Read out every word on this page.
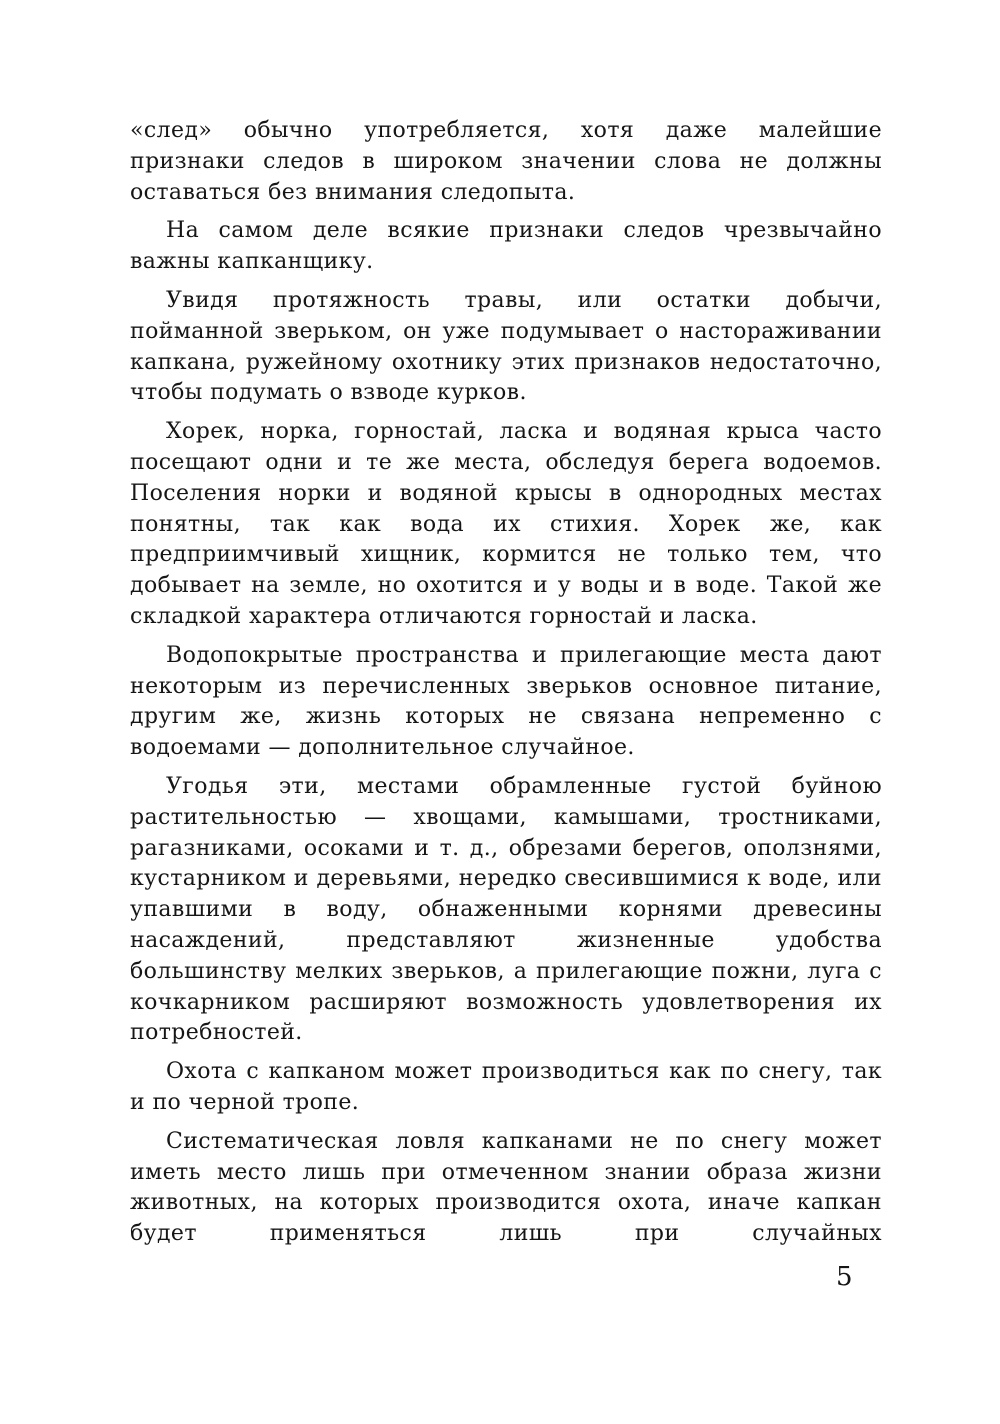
«след» обычно употребляется, хотя даже малейшие признаки следов в широком значении слова не должны оставаться без внимания следопыта.

На самом деле всякие признаки следов чрезвычайно важны капканщику.

Увидя протяжность травы, или остатки добычи, пойманной зверьком, он уже подумывает о настораживании капкана, ружейному охотнику этих признаков недостаточно, чтобы подумать о взводе курков.

Хорек, норка, горностай, ласка и водяная крыса часто посещают одни и те же места, обследуя берега водоемов. Поселения норки и водяной крысы в однородных местах понятны, так как вода их стихия. Хорек же, как предприимчивый хищник, кормится не только тем, что добывает на земле, но охотится и у воды и в воде. Такой же складкой характера отличаются горностай и ласка.

Водопокрытые пространства и прилегающие места дают некоторым из перечисленных зверьков основное питание, другим же, жизнь которых не связана непременно с водоемами — дополнительное случайное.

Угодья эти, местами обрамленные густой буйною растительностью — хвощами, камышами, тростниками, рагазниками, осоками и т. д., обрезами берегов, оползнями, кустарником и деревьями, нередко свесившимися к воде, или упавшими в воду, обнаженными корнями древесины насаждений, представляют жизненные удобства большинству мелких зверьков, а прилегающие пожни, луга с кочкарником расширяют возможность удовлетворения их потребностей.

Охота с капканом может производиться как по снегу, так и по черной тропе.

Систематическая ловля капканами не по снегу может иметь место лишь при отмеченном знании образа жизни животных, на которых производится охота, иначе капкан будет применяться лишь при случайных

5
